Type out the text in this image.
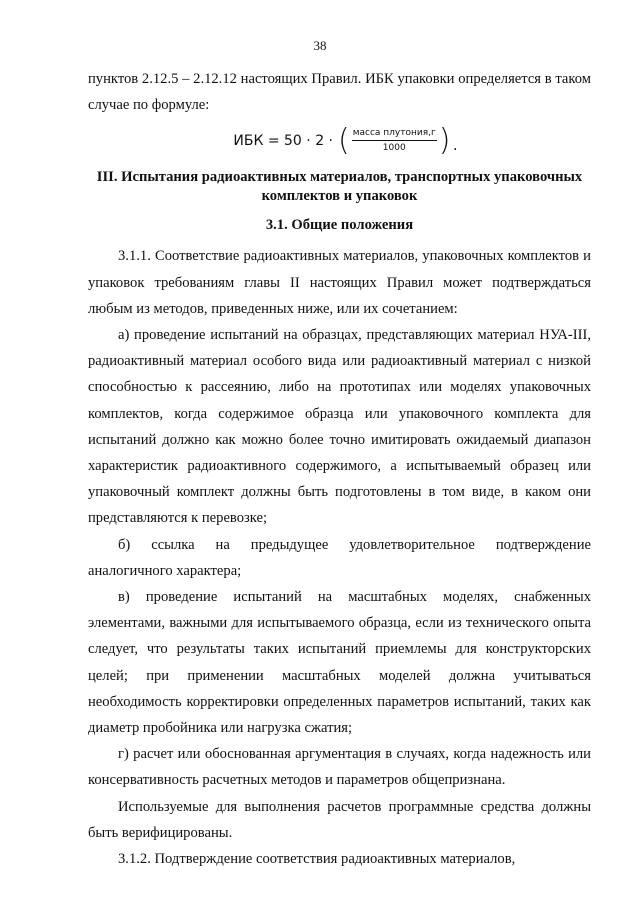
38

пунктов 2.12.5 – 2.12.12 настоящих Правил. ИБК упаковки определяется в таком случае по формуле:

ИБК = 50 · 2 · ( $\frac{\text{масса плутония,г}}{1000}$ ).
III. Испытания радиоактивных материалов, транспортных упаковочных комплектов и упаковок
3.1. Общие положения

3.1.1. Соответствие радиоактивных материалов, упаковочных комплектов и упаковок требованиям главы II настоящих Правил может подтверждаться любым из методов, приведенных ниже, или их сочетанием:

а) проведение испытаний на образцах, представляющих материал НУА-III, радиоактивный материал особого вида или радиоактивный материал с низкой способностью к рассеянию, либо на прототипах или моделях упаковочных комплектов, когда содержимое образца или упаковочного комплекта для испытаний должно как можно более точно имитировать ожидаемый диапазон характеристик радиоактивного содержимого, а испытываемый образец или упаковочный комплект должны быть подготовлены в том виде, в каком они представляются к перевозке;

б) ссылка на предыдущее удовлетворительное подтверждение аналогичного характера;

в) проведение испытаний на масштабных моделях, снабженных элементами, важными для испытываемого образца, если из технического опыта следует, что результаты таких испытаний приемлемы для конструкторских целей; при применении масштабных моделей должна учитываться необходимость корректировки определенных параметров испытаний, таких как диаметр пробойника или нагрузка сжатия;

г) расчет или обоснованная аргументация в случаях, когда надежность или консервативность расчетных методов и параметров общепризнана.

Используемые для выполнения расчетов программные средства должны быть верифицированы.

3.1.2. Подтверждение соответствия радиоактивных материалов,
